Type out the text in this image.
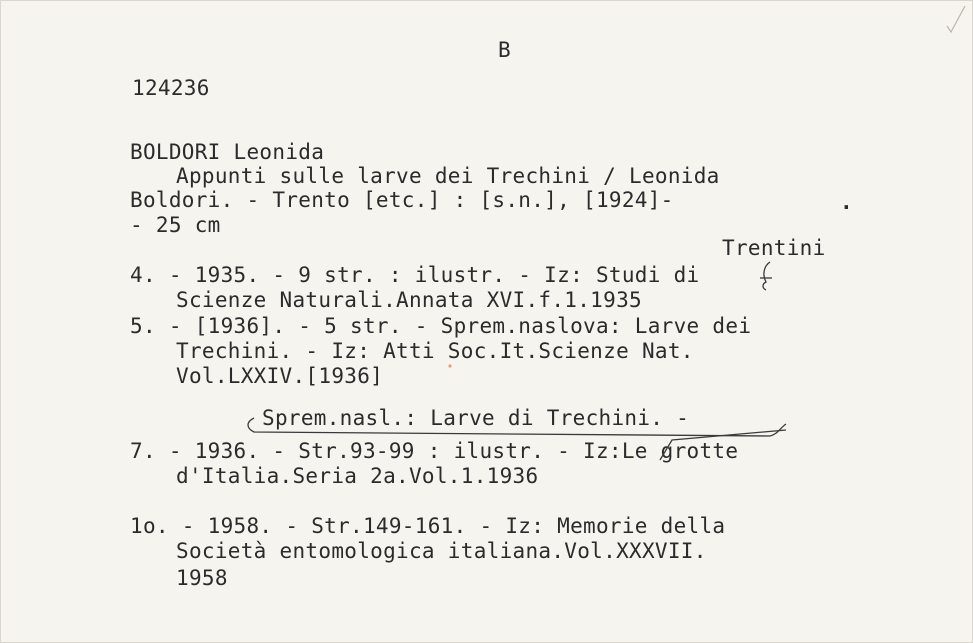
B
124236
BOLDORI Leonida
Appunti sulle larve dei Trechini / Leonida
Boldori. - Trento [etc.] : [s.n.], [1924]-	.
- 25 cm
Trentini
4. - 1935. - 9 str. : ilustr. - Iz: Studi di
Scienze Naturali.Annata XVI.f.1.1935
5. - [1936]. - 5 str. - Sprem.naslova: Larve dei
Trechini. - Iz: Atti Soc.It.Scienze Nat.
Vol.LXXIV.[1936]
Sprem.nasl.: Larve di Trechini. -
7. - 1936. - Str.93-99 : ilustr. - Iz:Le grotte
d'Italia.Seria 2a.Vol.1.1936
1o. - 1958. - Str.149-161. - Iz: Memorie della
Società entomologica italiana.Vol.XXXVII.
1958
